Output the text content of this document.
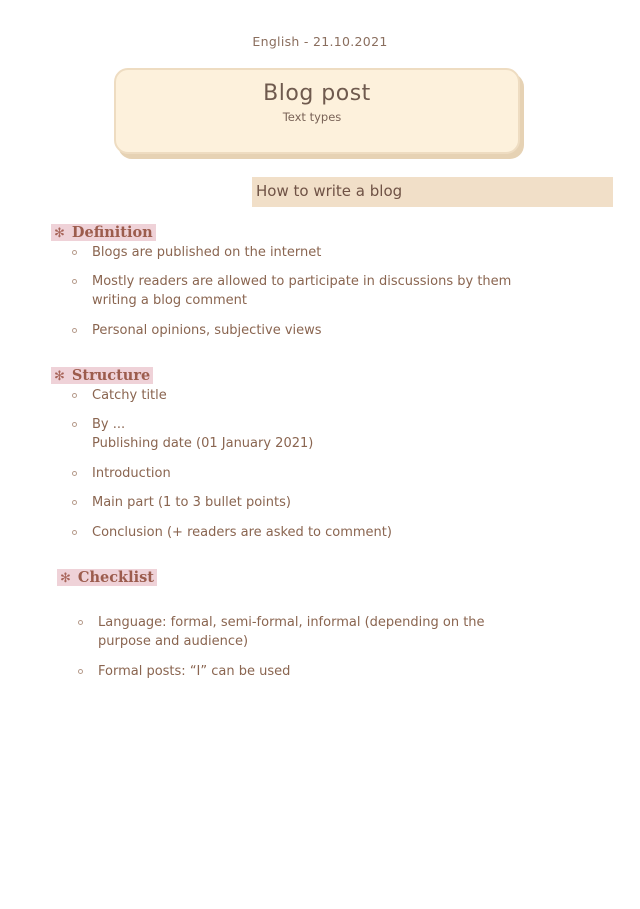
English - 21.10.2021
Blog post
Text types
How to write a blog
✻ Definition
Blogs are published on the internet
Mostly readers are allowed to participate in discussions by them
writing a blog comment
Personal opinions, subjective views
✻ Structure
Catchy title
By ...
Publishing date (01 January 2021)
Introduction
Main part (1 to 3 bullet points)
Conclusion (+ readers are asked to comment)
✻ Checklist
Language: formal, semi-formal, informal (depending on the
purpose and audience)
Formal posts: “I” can be used
